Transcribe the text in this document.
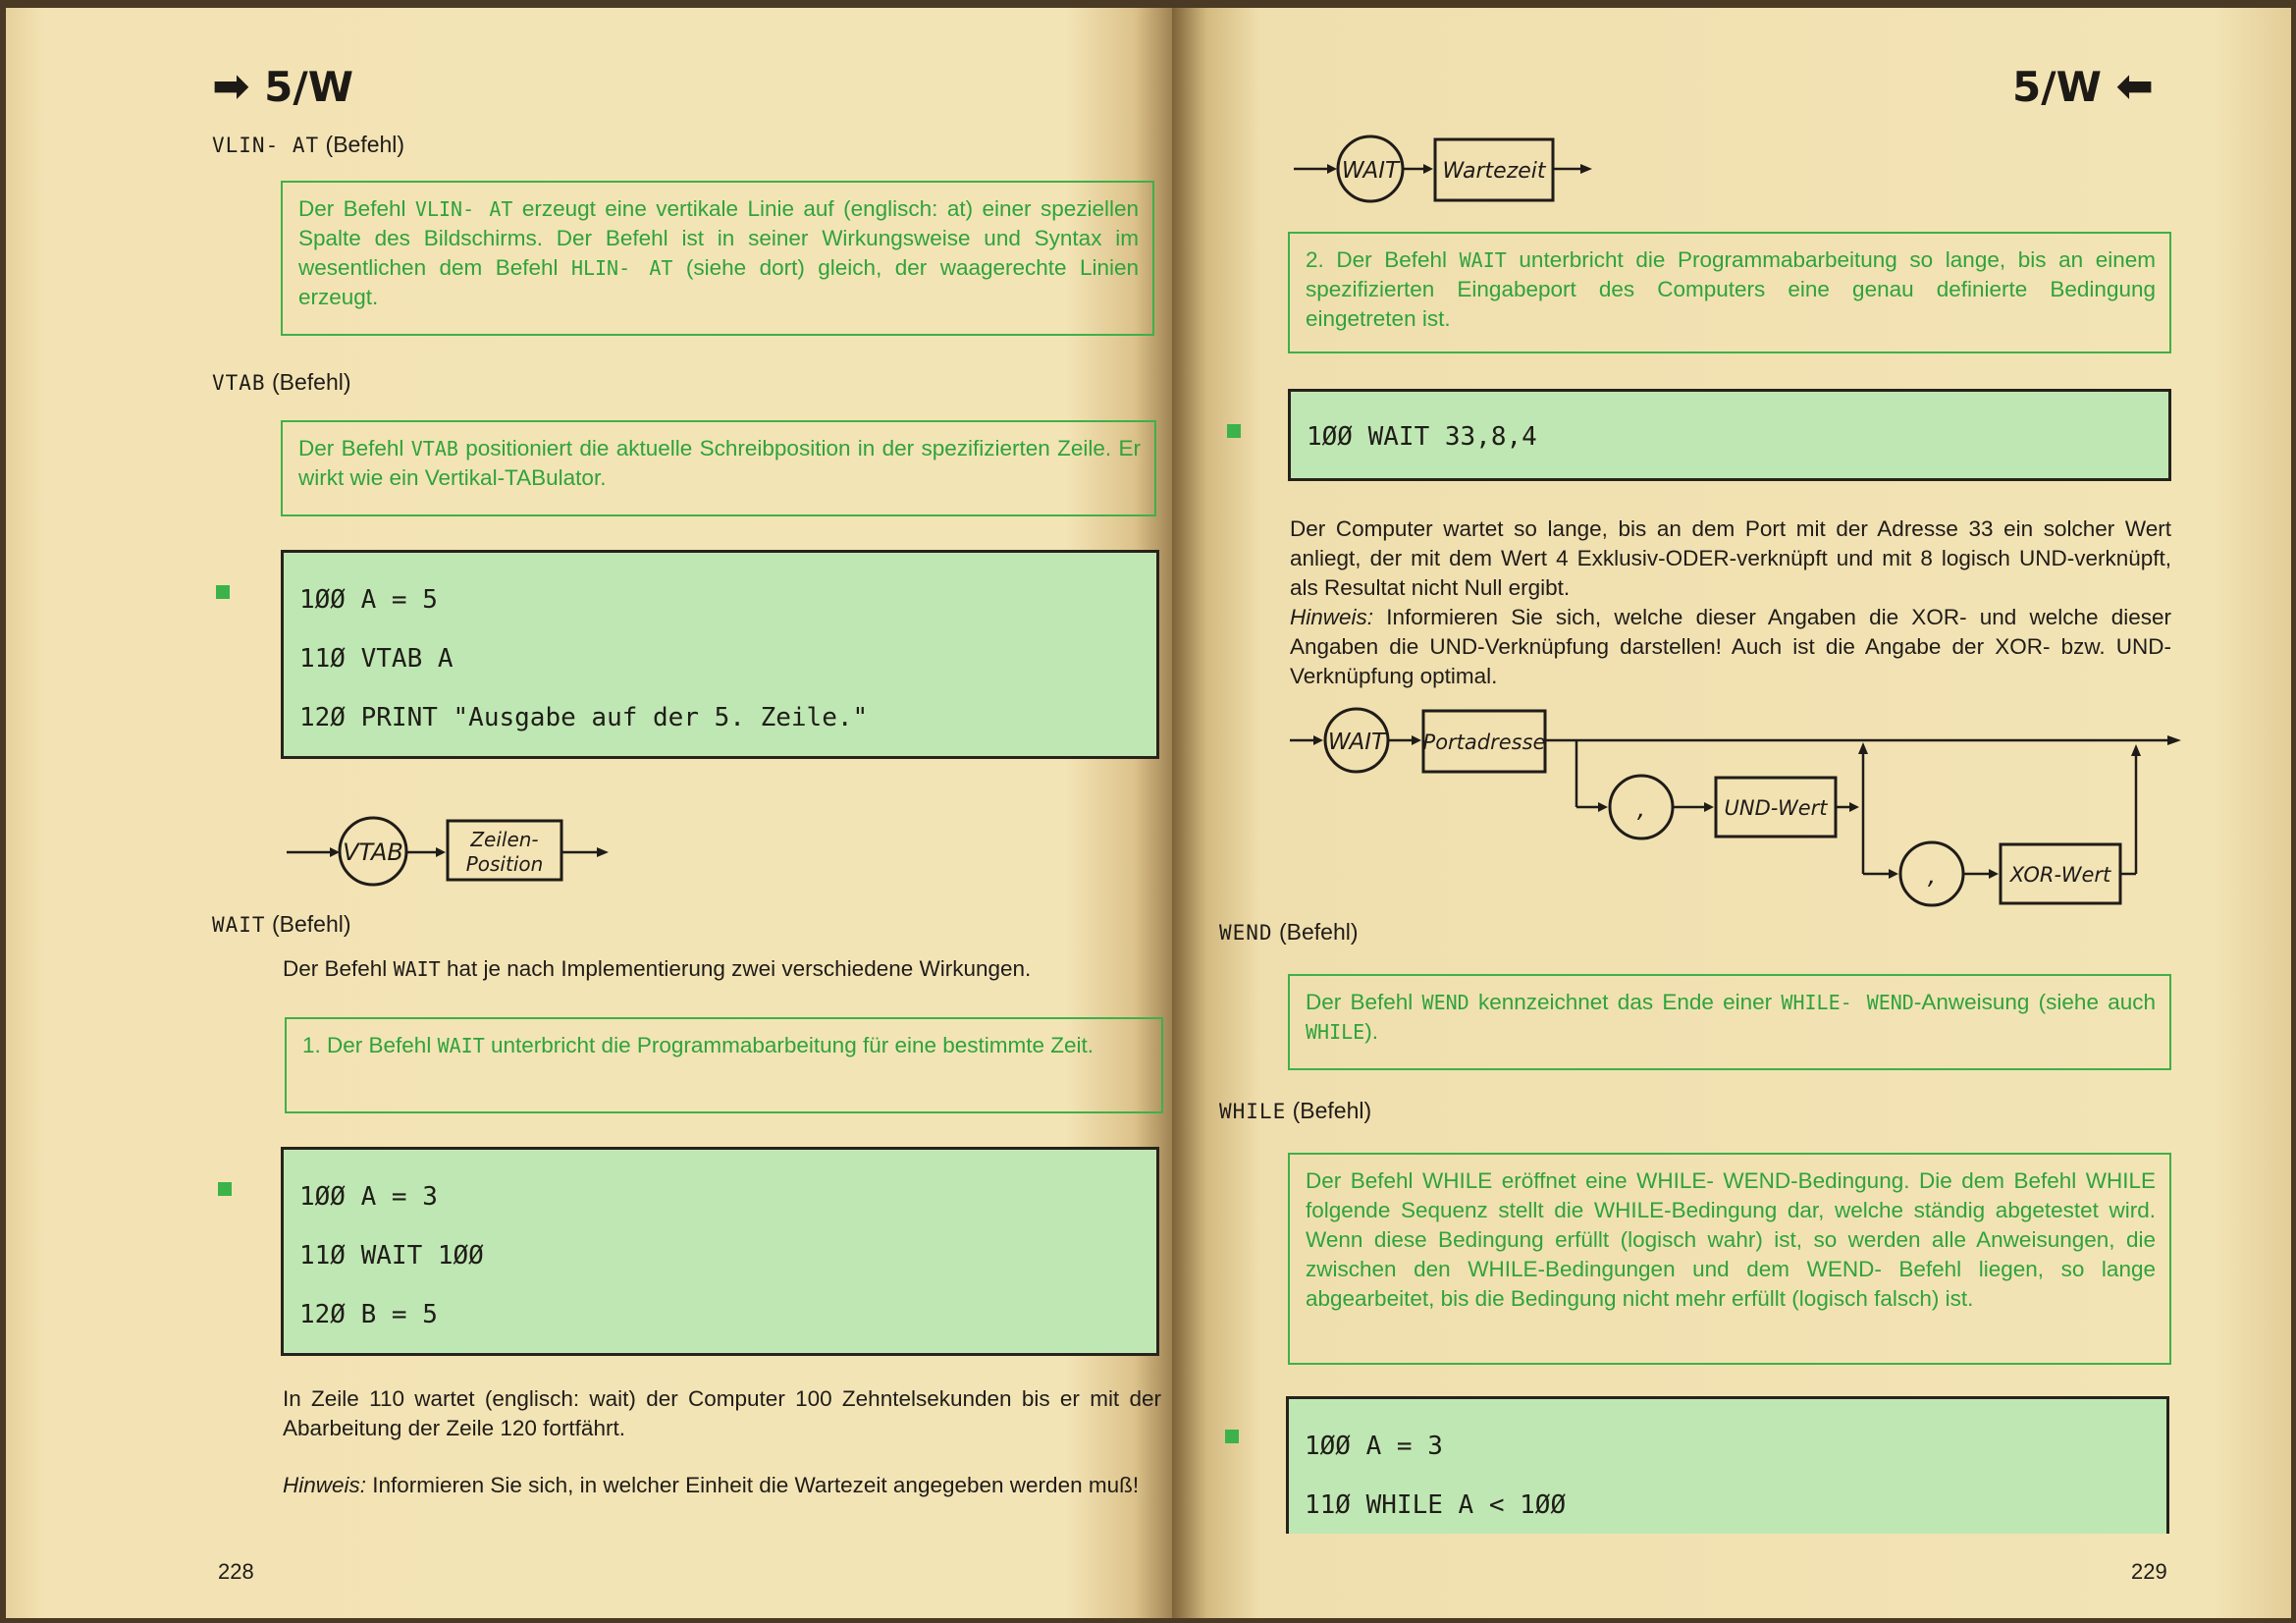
➡ 5/W
VLIN- AT (Befehl)
Der Befehl VLIN- AT erzeugt eine vertikale Linie auf (englisch: at) einer speziellen Spalte des Bildschirms. Der Befehl ist in seiner Wirkungsweise und Syntax im wesentlichen dem Befehl HLIN- AT (siehe dort) gleich, der waagerechte Linien erzeugt.
VTAB (Befehl)
Der Befehl VTAB positioniert die aktuelle Schreibposition in der spezifizierten Zeile. Er wirkt wie ein Vertikal-TABulator.
1ØØ A = 5
11Ø VTAB A
12Ø PRINT "Ausgabe auf der 5. Zeile."
VTAB	Zeilen-
Position
WAIT (Befehl)
Der Befehl WAIT hat je nach Implementierung zwei verschiedene Wirkungen.
1. Der Befehl WAIT unterbricht die Programmabarbeitung für eine bestimmte Zeit.
1ØØ A = 3
11Ø WAIT 1ØØ
12Ø B = 5
In Zeile 110 wartet (englisch: wait) der Computer 100 Zehntelsekunden bis er mit der Abarbeitung der Zeile 120 fortfährt.
Hinweis: Informieren Sie sich, in welcher Einheit die Wartezeit angegeben werden muß!
228
5/W ⬅
WAIT Wartezeit
2. Der Befehl WAIT unterbricht die Programmabarbeitung so lange, bis an einem spezifizierten Eingabeport des Computers eine genau definierte Bedingung eingetreten ist.
1ØØ WAIT 33,8,4
Der Computer wartet so lange, bis an dem Port mit der Adresse 33 ein solcher Wert anliegt, der mit dem Wert 4 Exklusiv-ODER-verknüpft und mit 8 logisch UND-verknüpft, als Resultat nicht Null ergibt.
Hinweis: Informieren Sie sich, welche dieser Angaben die XOR- und welche dieser Angaben die UND-Verknüpfung darstellen! Auch ist die Angabe der XOR- bzw. UND-Verknüpfung optimal.
WAIT Portadresse
,	UND-Wert
,	XOR-Wert
WEND (Befehl)
Der Befehl WEND kennzeichnet das Ende einer WHILE- WEND-Anweisung (siehe auch WHILE).
WHILE (Befehl)
Der Befehl WHILE eröffnet eine WHILE- WEND-Bedingung. Die dem Befehl WHILE folgende Sequenz stellt die WHILE-Bedingung dar, welche ständig abgetestet wird. Wenn diese Bedingung erfüllt (logisch wahr) ist, so werden alle Anweisungen, die zwischen den WHILE-Bedingungen und dem WEND- Befehl liegen, so lange abgearbeitet, bis die Bedingung nicht mehr erfüllt (logisch falsch) ist.
1ØØ A = 3
11Ø WHILE A < 1ØØ
229
